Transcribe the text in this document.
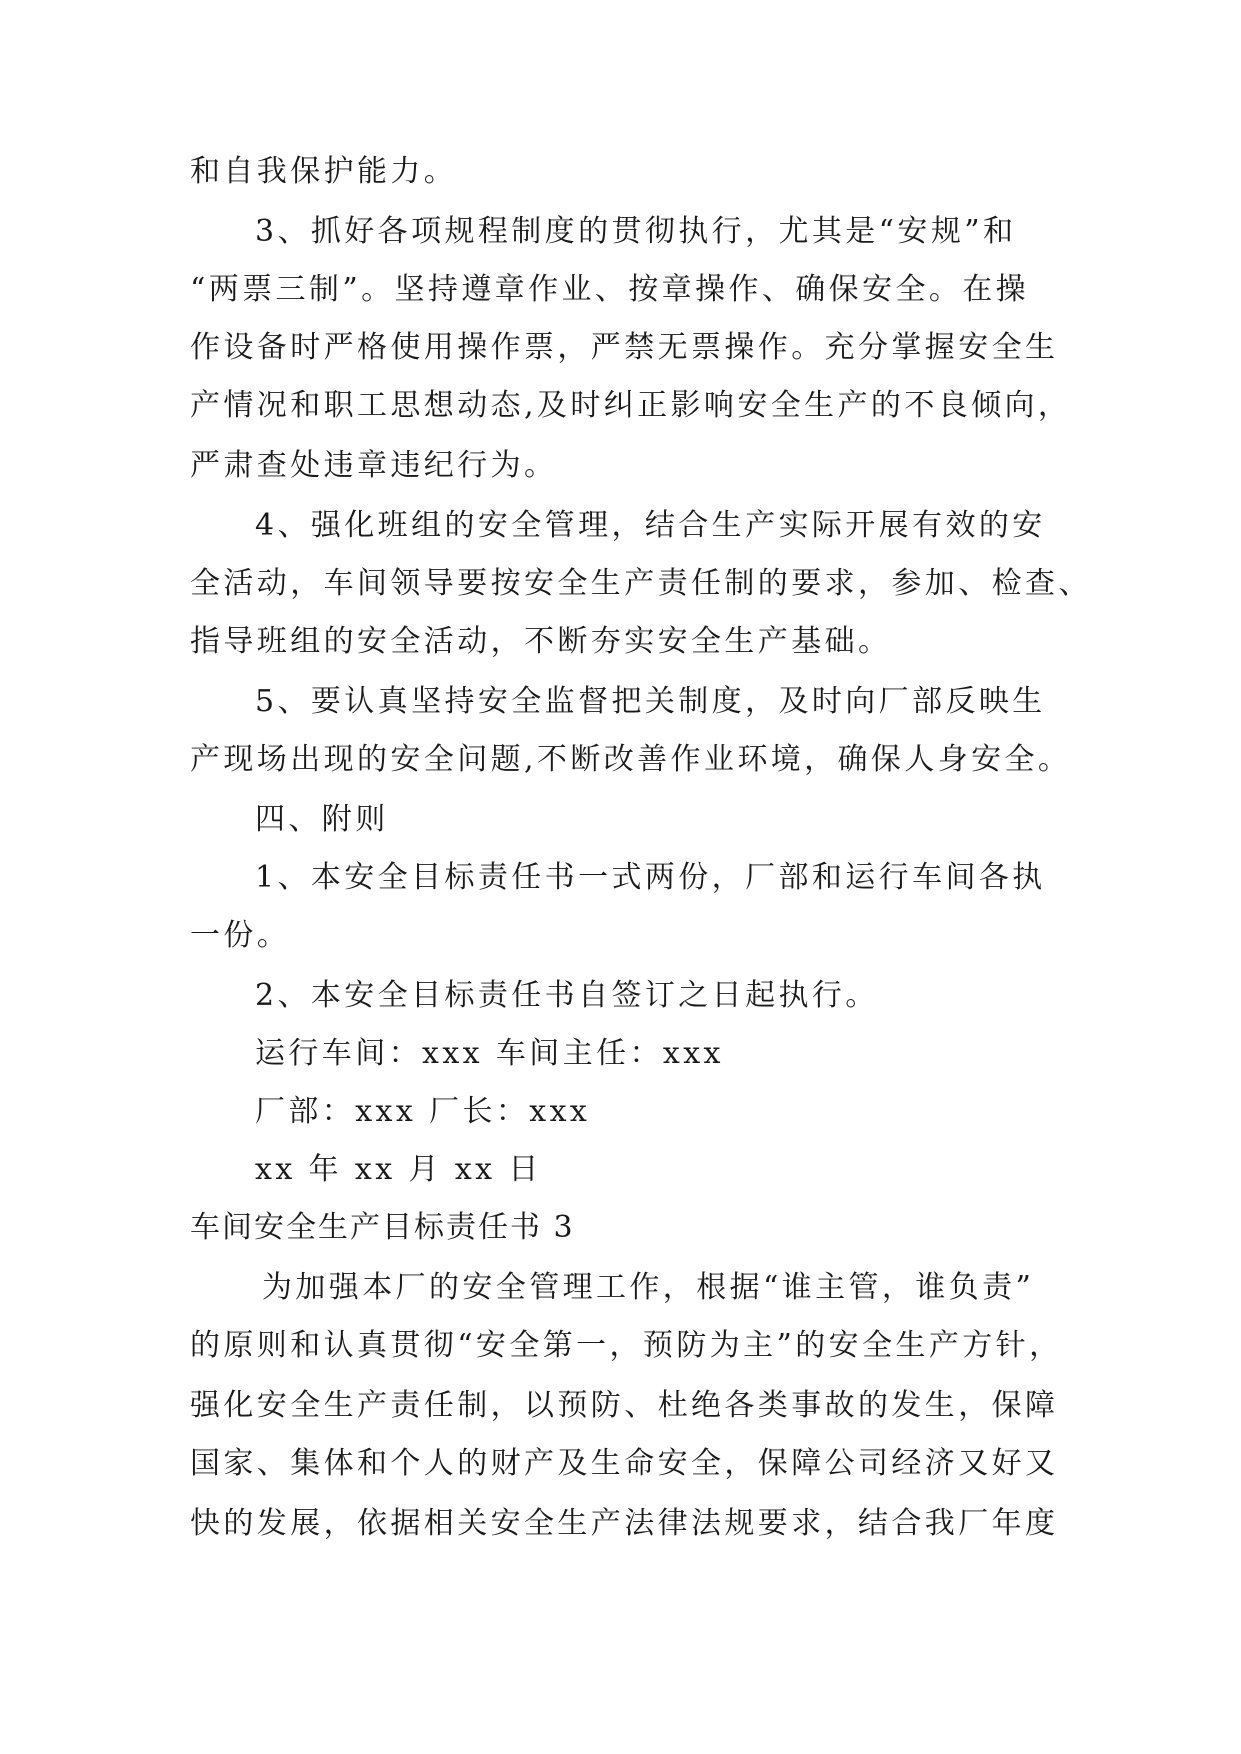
和自我保护能力。
3、抓好各项规程制度的贯彻执行，尤其是“安规”和
“两票三制”。坚持遵章作业、按章操作、确保安全。在操
作设备时严格使用操作票，严禁无票操作。充分掌握安全生
产情况和职工思想动态,及时纠正影响安全生产的不良倾向，
严肃查处违章违纪行为。
4、强化班组的安全管理，结合生产实际开展有效的安
全活动，车间领导要按安全生产责任制的要求，参加、检查、
指导班组的安全活动，不断夯实安全生产基础。
5、要认真坚持安全监督把关制度，及时向厂部反映生
产现场出现的安全问题,不断改善作业环境，确保人身安全。
四、附则
1、本安全目标责任书一式两份，厂部和运行车间各执
一份。
2、本安全目标责任书自签订之日起执行。
运行车间：xxx 车间主任：xxx
厂部：xxx 厂长：xxx
xx 年 xx 月 xx 日
车间安全生产目标责任书 3
为加强本厂的安全管理工作，根据“谁主管，谁负责”
的原则和认真贯彻“安全第一，预防为主”的安全生产方针，
强化安全生产责任制，以预防、杜绝各类事故的发生，保障
国家、集体和个人的财产及生命安全，保障公司经济又好又
快的发展，依据相关安全生产法律法规要求，结合我厂年度
